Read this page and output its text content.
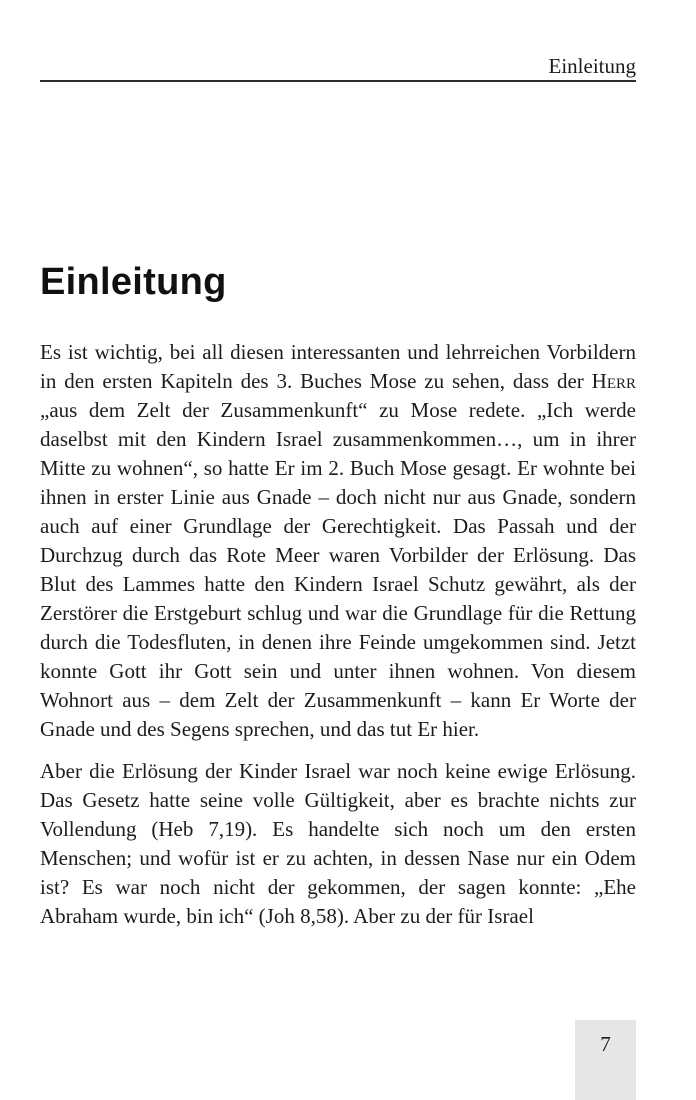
Einleitung
Einleitung

Es ist wichtig, bei all diesen interessanten und lehrreichen Vorbildern in den ersten Kapiteln des 3. Buches Mose zu sehen, dass der Herr „aus dem Zelt der Zusammenkunft“ zu Mose redete. „Ich werde daselbst mit den Kindern Israel zusammenkommen…, um in ihrer Mitte zu wohnen“, so hatte Er im 2. Buch Mose gesagt. Er wohnte bei ihnen in erster Linie aus Gnade – doch nicht nur aus Gnade, sondern auch auf einer Grundlage der Gerechtigkeit. Das Passah und der Durchzug durch das Rote Meer waren Vorbilder der Erlösung. Das Blut des Lammes hatte den Kindern Israel Schutz gewährt, als der Zerstörer die Erstgeburt schlug und war die Grundlage für die Rettung durch die Todesfluten, in denen ihre Feinde umgekommen sind. Jetzt konnte Gott ihr Gott sein und unter ihnen wohnen. Von diesem Wohnort aus – dem Zelt der Zusammenkunft – kann Er Worte der Gnade und des Segens sprechen, und das tut Er hier.

Aber die Erlösung der Kinder Israel war noch keine ewige Erlösung. Das Gesetz hatte seine volle Gültigkeit, aber es brachte nichts zur Vollendung (Heb 7,19). Es handelte sich noch um den ersten Menschen; und wofür ist er zu achten, in dessen Nase nur ein Odem ist? Es war noch nicht der gekommen, der sagen konnte: „Ehe Abraham wurde, bin ich“ (Joh 8,58). Aber zu der für Israel

7
